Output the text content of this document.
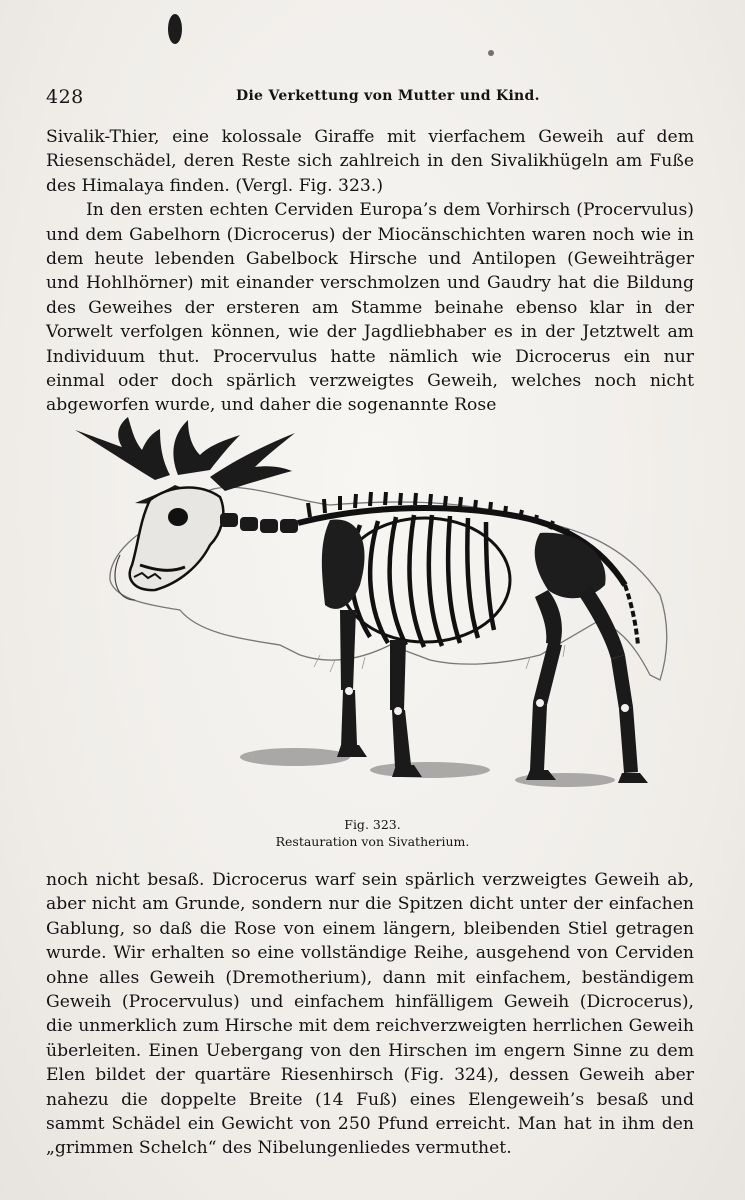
428	Die Verkettung von Mutter und Kind.

Sivalik-Thier, eine kolossale Giraffe mit vierfachem Geweih auf dem Riesenschädel, deren Reste sich zahlreich in den Sivalikhügeln am Fuße des Himalaya finden. (Vergl. Fig. 323.)

In den ersten echten Cerviden Europa’s dem Vorhirsch (Procervulus) und dem Gabelhorn (Dicrocerus) der Miocänschichten waren noch wie in dem heute lebenden Gabelbock Hirsche und Antilopen (Geweihträger und Hohlhörner) mit einander verschmolzen und Gaudry hat die Bildung des Geweihes der ersteren am Stamme beinahe ebenso klar in der Vorwelt verfolgen können, wie der Jagdliebhaber es in der Jetztwelt am Individuum thut. Procervulus hatte nämlich wie Dicrocerus ein nur einmal oder doch spärlich verzweigtes Geweih, welches noch nicht abgeworfen wurde, und daher die sogenannte Rose

Fig. 323.
Restauration von Sivatherium.

noch nicht besaß. Dicrocerus warf sein spärlich verzweigtes Geweih ab, aber nicht am Grunde, sondern nur die Spitzen dicht unter der einfachen Gablung, so daß die Rose von einem längern, bleibenden Stiel getragen wurde. Wir erhalten so eine vollständige Reihe, ausgehend von Cerviden ohne alles Geweih (Dremotherium), dann mit einfachem, beständigem Geweih (Procervulus) und einfachem hinfälligem Geweih (Dicrocerus), die unmerklich zum Hirsche mit dem reichverzweigten herrlichen Geweih überleiten. Einen Uebergang von den Hirschen im engern Sinne zu dem Elen bildet der quartäre Riesenhirsch (Fig. 324), dessen Geweih aber nahezu die doppelte Breite (14 Fuß) eines Elengeweih’s besaß und sammt Schädel ein Gewicht von 250 Pfund erreicht. Man hat in ihm den „grimmen Schelch“ des Nibelungenliedes vermuthet.
